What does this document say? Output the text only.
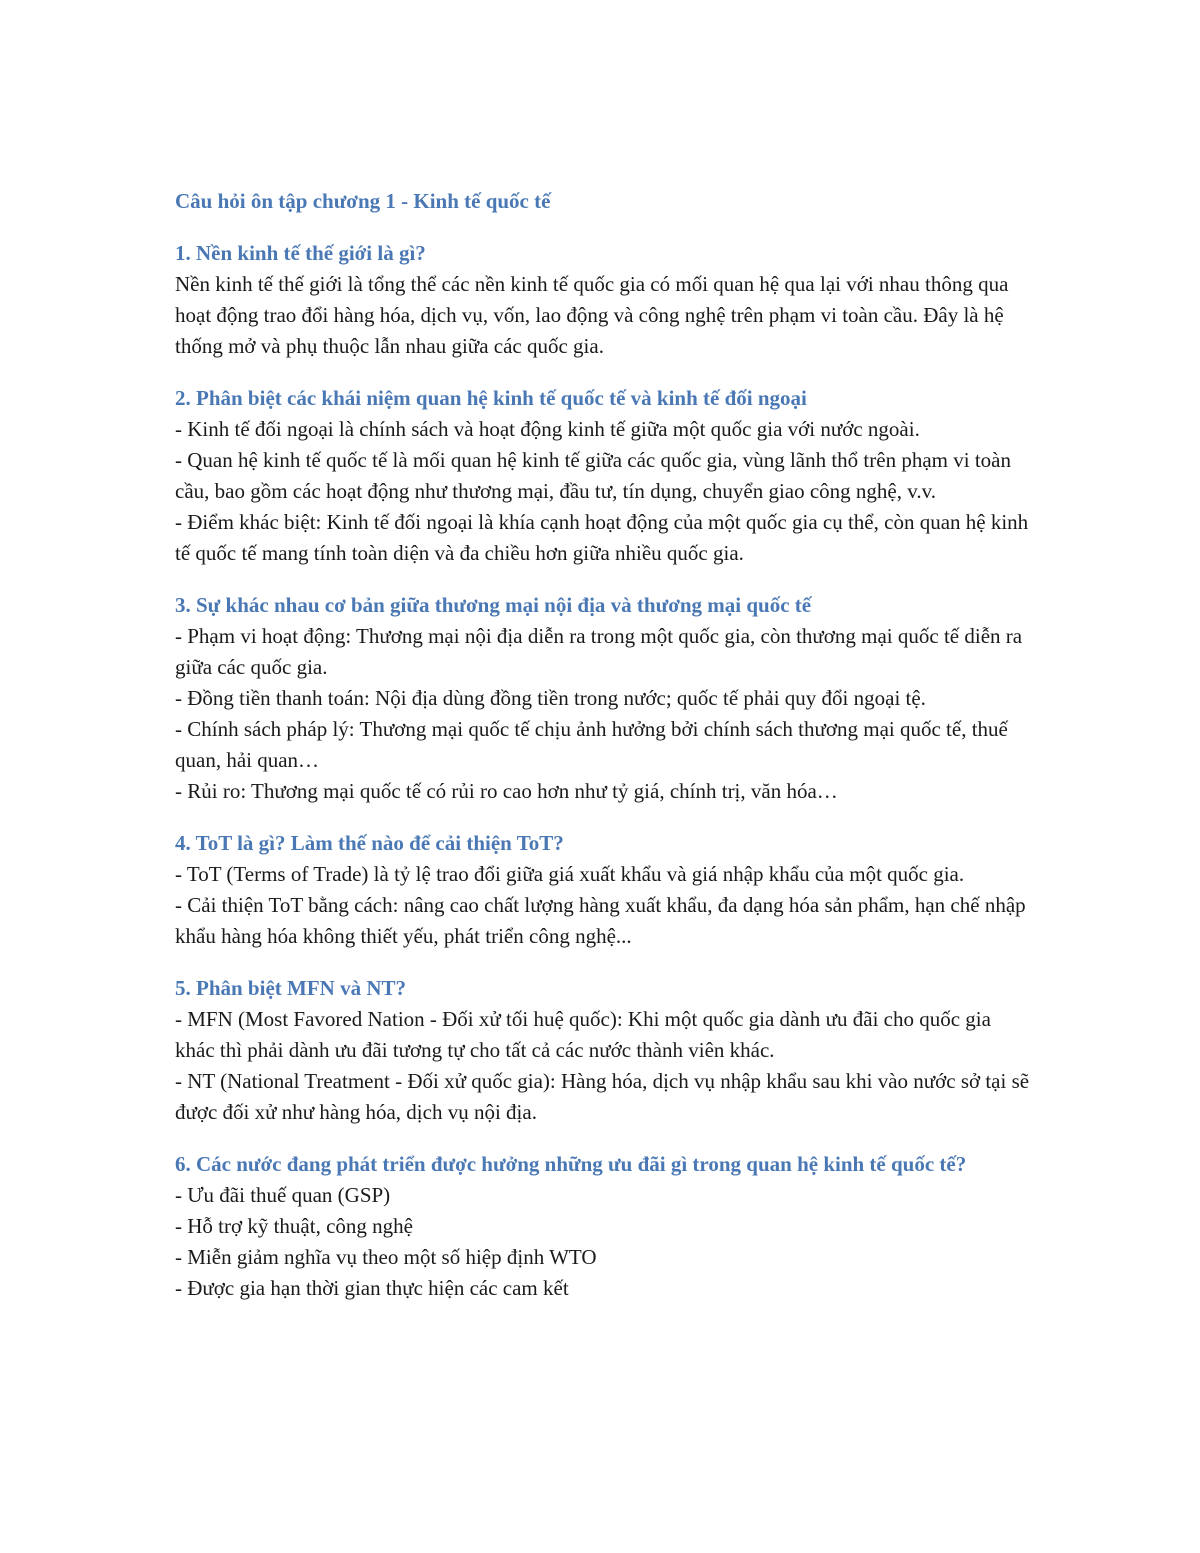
Câu hỏi ôn tập chương 1 - Kinh tế quốc tế

1. Nền kinh tế thế giới là gì?

Nền kinh tế thế giới là tổng thể các nền kinh tế quốc gia có mối quan hệ qua lại với nhau thông qua hoạt động trao đổi hàng hóa, dịch vụ, vốn, lao động và công nghệ trên phạm vi toàn cầu. Đây là hệ thống mở và phụ thuộc lẫn nhau giữa các quốc gia.

2. Phân biệt các khái niệm quan hệ kinh tế quốc tế và kinh tế đối ngoại

- Kinh tế đối ngoại là chính sách và hoạt động kinh tế giữa một quốc gia với nước ngoài.

- Quan hệ kinh tế quốc tế là mối quan hệ kinh tế giữa các quốc gia, vùng lãnh thổ trên phạm vi toàn cầu, bao gồm các hoạt động như thương mại, đầu tư, tín dụng, chuyển giao công nghệ, v.v.

- Điểm khác biệt: Kinh tế đối ngoại là khía cạnh hoạt động của một quốc gia cụ thể, còn quan hệ kinh tế quốc tế mang tính toàn diện và đa chiều hơn giữa nhiều quốc gia.

3. Sự khác nhau cơ bản giữa thương mại nội địa và thương mại quốc tế

- Phạm vi hoạt động: Thương mại nội địa diễn ra trong một quốc gia, còn thương mại quốc tế diễn ra giữa các quốc gia.

- Đồng tiền thanh toán: Nội địa dùng đồng tiền trong nước; quốc tế phải quy đổi ngoại tệ.

- Chính sách pháp lý: Thương mại quốc tế chịu ảnh hưởng bởi chính sách thương mại quốc tế, thuế quan, hải quan…

- Rủi ro: Thương mại quốc tế có rủi ro cao hơn như tỷ giá, chính trị, văn hóa…

4. ToT là gì? Làm thế nào để cải thiện ToT?

- ToT (Terms of Trade) là tỷ lệ trao đổi giữa giá xuất khẩu và giá nhập khẩu của một quốc gia.

- Cải thiện ToT bằng cách: nâng cao chất lượng hàng xuất khẩu, đa dạng hóa sản phẩm, hạn chế nhập khẩu hàng hóa không thiết yếu, phát triển công nghệ...

5. Phân biệt MFN và NT?

- MFN (Most Favored Nation - Đối xử tối huệ quốc): Khi một quốc gia dành ưu đãi cho quốc gia khác thì phải dành ưu đãi tương tự cho tất cả các nước thành viên khác.

- NT (National Treatment - Đối xử quốc gia): Hàng hóa, dịch vụ nhập khẩu sau khi vào nước sở tại sẽ được đối xử như hàng hóa, dịch vụ nội địa.

6. Các nước đang phát triển được hưởng những ưu đãi gì trong quan hệ kinh tế quốc tế?

- Ưu đãi thuế quan (GSP)

- Hỗ trợ kỹ thuật, công nghệ

- Miễn giảm nghĩa vụ theo một số hiệp định WTO

- Được gia hạn thời gian thực hiện các cam kết
